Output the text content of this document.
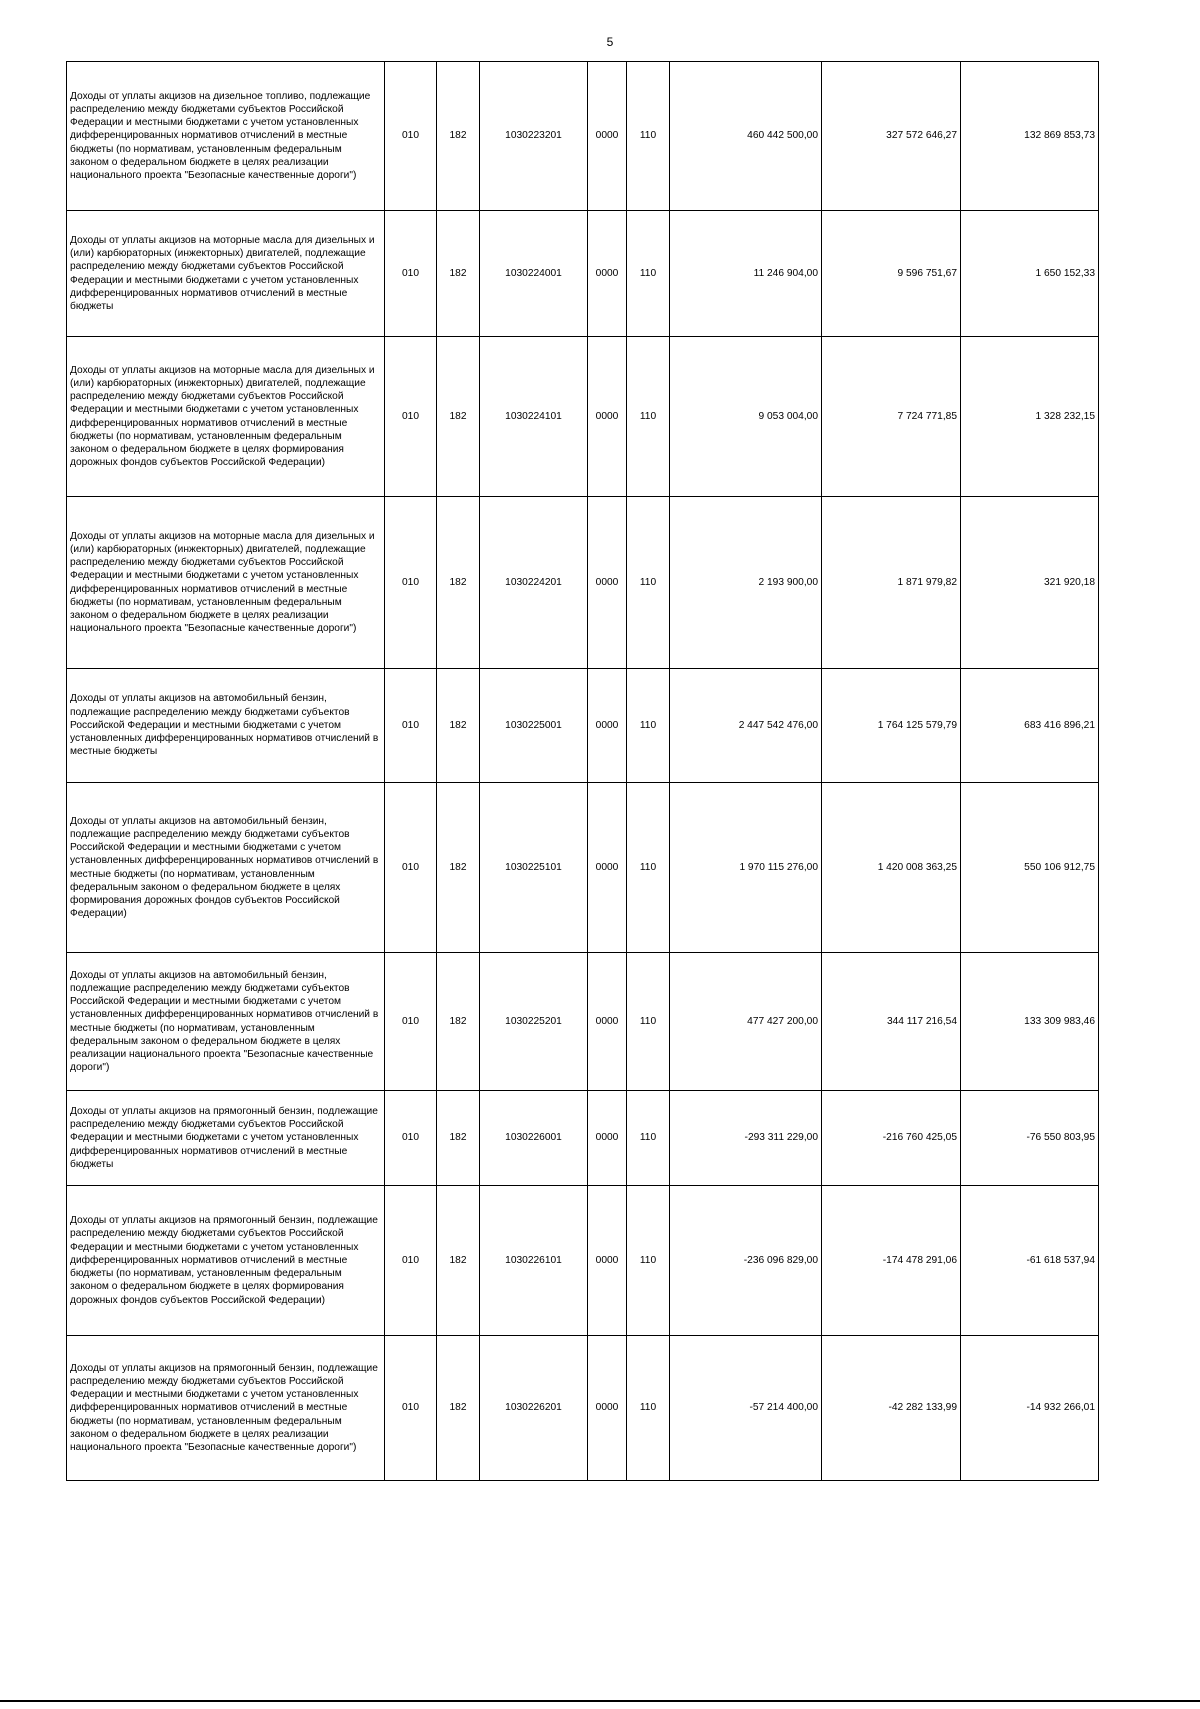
5
Доходы от уплаты акцизов на дизельное топливо, подлежащие распределению между бюджетами субъектов Российской Федерации и местными бюджетами с учетом установленных дифференцированных нормативов отчислений в местные бюджеты (по нормативам, установленным федеральным законом о федеральном бюджете в целях реализации национального проекта "Безопасные качественные дороги")	010	182	1030223201	0000	110	460 442 500,00	327 572 646,27	132 869 853,73
Доходы от уплаты акцизов на моторные масла для дизельных и (или) карбюраторных (инжекторных) двигателей, подлежащие распределению между бюджетами субъектов Российской Федерации и местными бюджетами с учетом установленных дифференцированных нормативов отчислений в местные бюджеты	010	182	1030224001	0000	110	11 246 904,00	9 596 751,67	1 650 152,33
Доходы от уплаты акцизов на моторные масла для дизельных и (или) карбюраторных (инжекторных) двигателей, подлежащие распределению между бюджетами субъектов Российской Федерации и местными бюджетами с учетом установленных дифференцированных нормативов отчислений в местные бюджеты (по нормативам, установленным федеральным законом о федеральном бюджете в целях формирования дорожных фондов субъектов Российской Федерации)	010	182	1030224101	0000	110	9 053 004,00	7 724 771,85	1 328 232,15
Доходы от уплаты акцизов на моторные масла для дизельных и (или) карбюраторных (инжекторных) двигателей, подлежащие распределению между бюджетами субъектов Российской Федерации и местными бюджетами с учетом установленных дифференцированных нормативов отчислений в местные бюджеты (по нормативам, установленным федеральным законом о федеральном бюджете в целях реализации национального проекта "Безопасные качественные дороги")	010	182	1030224201	0000	110	2 193 900,00	1 871 979,82	321 920,18
Доходы от уплаты акцизов на автомобильный бензин, подлежащие распределению между бюджетами субъектов Российской Федерации и местными бюджетами с учетом установленных дифференцированных нормативов отчислений в местные бюджеты	010	182	1030225001	0000	110	2 447 542 476,00	1 764 125 579,79	683 416 896,21
Доходы от уплаты акцизов на автомобильный бензин, подлежащие распределению между бюджетами субъектов Российской Федерации и местными бюджетами с учетом установленных дифференцированных нормативов отчислений в местные бюджеты (по нормативам, установленным федеральным законом о федеральном бюджете в целях формирования дорожных фондов субъектов Российской Федерации)	010	182	1030225101	0000	110	1 970 115 276,00	1 420 008 363,25	550 106 912,75
Доходы от уплаты акцизов на автомобильный бензин, подлежащие распределению между бюджетами субъектов Российской Федерации и местными бюджетами с учетом установленных дифференцированных нормативов отчислений в местные бюджеты (по нормативам, установленным федеральным законом о федеральном бюджете в целях реализации национального проекта "Безопасные качественные дороги")	010	182	1030225201	0000	110	477 427 200,00	344 117 216,54	133 309 983,46
Доходы от уплаты акцизов на прямогонный бензин, подлежащие распределению между бюджетами субъектов Российской Федерации и местными бюджетами с учетом установленных дифференцированных нормативов отчислений в местные бюджеты	010	182	1030226001	0000	110	-293 311 229,00	-216 760 425,05	-76 550 803,95
Доходы от уплаты акцизов на прямогонный бензин, подлежащие распределению между бюджетами субъектов Российской Федерации и местными бюджетами с учетом установленных дифференцированных нормативов отчислений в местные бюджеты (по нормативам, установленным федеральным законом о федеральном бюджете в целях формирования дорожных фондов субъектов Российской Федерации)	010	182	1030226101	0000	110	-236 096 829,00	-174 478 291,06	-61 618 537,94
Доходы от уплаты акцизов на прямогонный бензин, подлежащие распределению между бюджетами субъектов Российской Федерации и местными бюджетами с учетом установленных дифференцированных нормативов отчислений в местные бюджеты (по нормативам, установленным федеральным законом о федеральном бюджете в целях реализации национального проекта "Безопасные качественные дороги")	010	182	1030226201	0000	110	-57 214 400,00	-42 282 133,99	-14 932 266,01
